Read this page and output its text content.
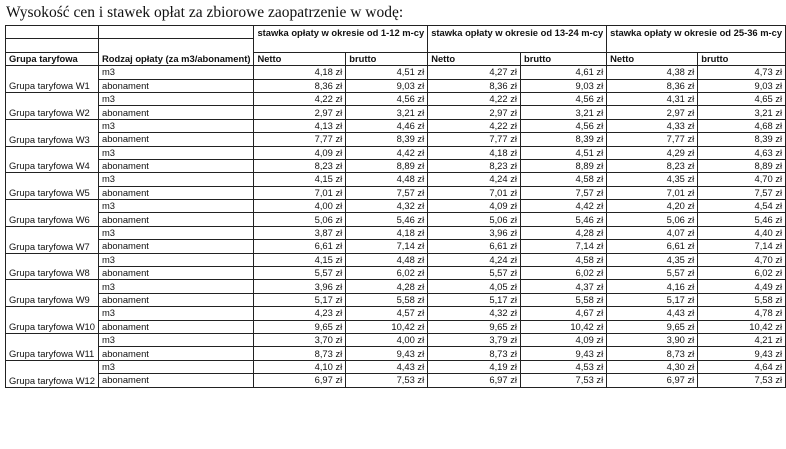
Wysokość cen i stawek opłat za zbiorowe zaopatrzenie w wodę:
		stawka opłaty w okresie od 1-12 m-cy		stawka opłaty w okresie od 13-24 m-cy		stawka opłaty w okresie od 25-36 m-cy	
	Rodzaj opłaty (za m3/abonament)						
Grupa taryfowa		Netto	brutto	Netto	brutto	Netto	brutto
Grupa taryfowa W1	m3	4,18 zł	4,51 zł	4,27 zł	4,61 zł	4,38 zł	4,73 zł
	abonament	8,36 zł	9,03 zł	8,36 zł	9,03 zł	8,36 zł	9,03 zł
Grupa taryfowa W2	m3	4,22 zł	4,56 zł	4,22 zł	4,56 zł	4,31 zł	4,65 zł
	abonament	2,97 zł	3,21 zł	2,97 zł	3,21 zł	2,97 zł	3,21 zł
Grupa taryfowa W3	m3	4,13 zł	4,46 zł	4,22 zł	4,56 zł	4,33 zł	4,68 zł
	abonament	7,77 zł	8,39 zł	7,77 zł	8,39 zł	7,77 zł	8,39 zł
Grupa taryfowa W4	m3	4,09 zł	4,42 zł	4,18 zł	4,51 zł	4,29 zł	4,63 zł
	abonament	8,23 zł	8,89 zł	8,23 zł	8,89 zł	8,23 zł	8,89 zł
Grupa taryfowa W5	m3	4,15 zł	4,48 zł	4,24 zł	4,58 zł	4,35 zł	4,70 zł
	abonament	7,01 zł	7,57 zł	7,01 zł	7,57 zł	7,01 zł	7,57 zł
Grupa taryfowa W6	m3	4,00 zł	4,32 zł	4,09 zł	4,42 zł	4,20 zł	4,54 zł
	abonament	5,06 zł	5,46 zł	5,06 zł	5,46 zł	5,06 zł	5,46 zł
Grupa taryfowa W7	m3	3,87 zł	4,18 zł	3,96 zł	4,28 zł	4,07 zł	4,40 zł
	abonament	6,61 zł	7,14 zł	6,61 zł	7,14 zł	6,61 zł	7,14 zł
Grupa taryfowa W8	m3	4,15 zł	4,48 zł	4,24 zł	4,58 zł	4,35 zł	4,70 zł
	abonament	5,57 zł	6,02 zł	5,57 zł	6,02 zł	5,57 zł	6,02 zł
Grupa taryfowa W9	m3	3,96 zł	4,28 zł	4,05 zł	4,37 zł	4,16 zł	4,49 zł
	abonament	5,17 zł	5,58 zł	5,17 zł	5,58 zł	5,17 zł	5,58 zł
Grupa taryfowa W10	m3	4,23 zł	4,57 zł	4,32 zł	4,67 zł	4,43 zł	4,78 zł
	abonament	9,65 zł	10,42 zł	9,65 zł	10,42 zł	9,65 zł	10,42 zł
Grupa taryfowa W11	m3	3,70 zł	4,00 zł	3,79 zł	4,09 zł	3,90 zł	4,21 zł
	abonament	8,73 zł	9,43 zł	8,73 zł	9,43 zł	8,73 zł	9,43 zł
Grupa taryfowa W12	m3	4,10 zł	4,43 zł	4,19 zł	4,53 zł	4,30 zł	4,64 zł
	abonament	6,97 zł	7,53 zł	6,97 zł	7,53 zł	6,97 zł	7,53 zł
